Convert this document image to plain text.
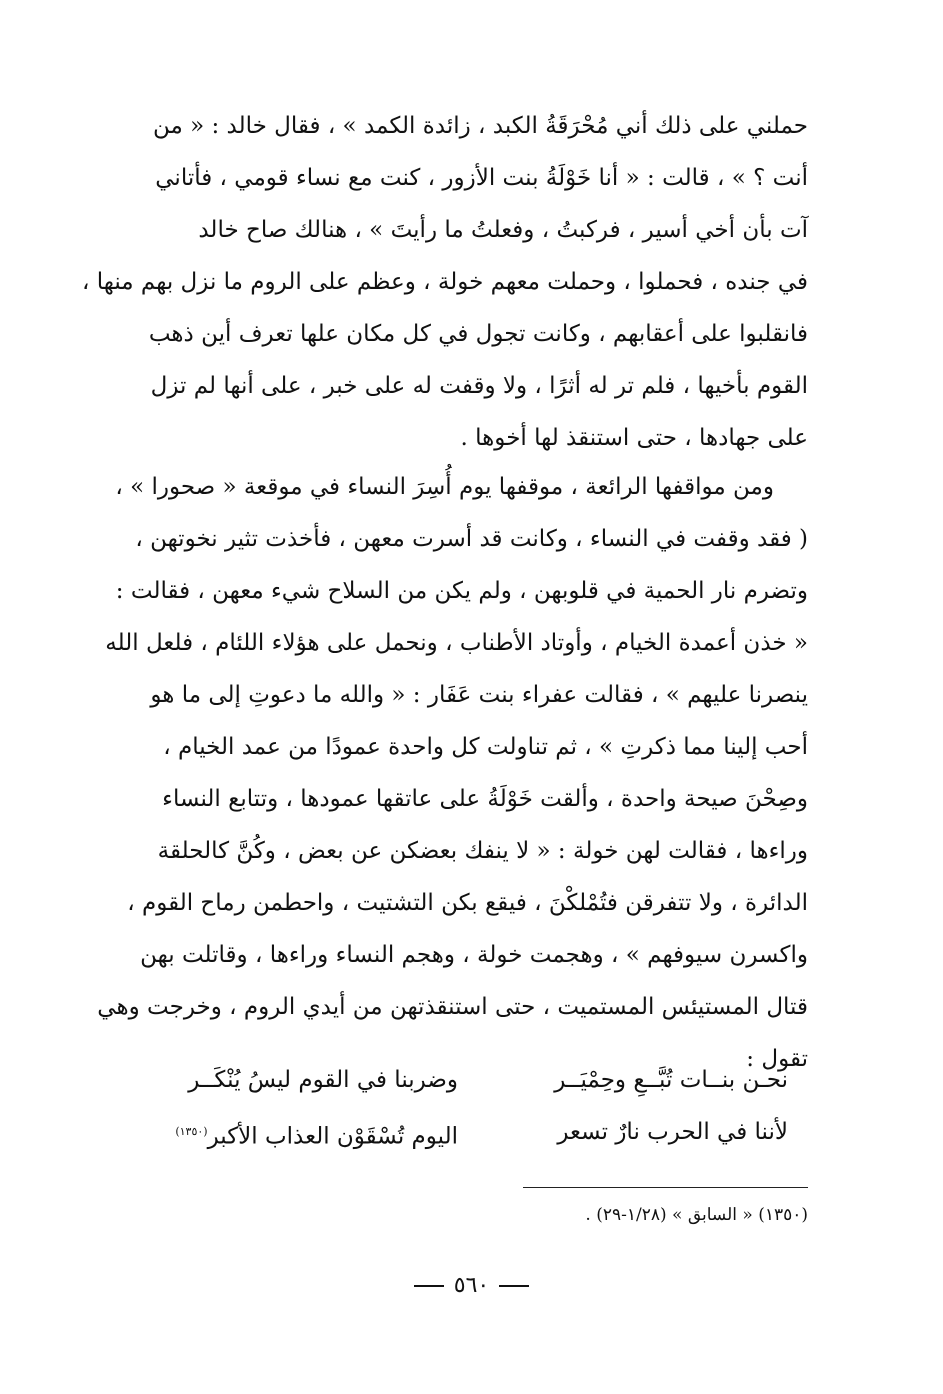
حملني على ذلك أني مُحْرَقَةُ الكبد ، زائدة الكمد » ، فقال خالد : « من
أنت ؟ » ، قالت : « أنا خَوْلَةُ بنت الأزور ، كنت مع نساء قومي ، فأتاني
آت بأن أخي أسير ، فركبتُ ، وفعلتُ ما رأيتَ » ، هنالك صاح خالد
في جنده ، فحملوا ، وحملت معهم خولة ، وعظم على الروم ما نزل بهم منها ،
فانقلبوا على أعقابهم ، وكانت تجول في كل مكان علها تعرف أين ذهب
القوم بأخيها ، فلم تر له أثرًا ، ولا وقفت له على خبر ، على أنها لم تزل
على جهادها ، حتى استنقذ لها أخوها .
ومن مواقفها الرائعة ، موقفها يوم أُسِرَ النساء في موقعة « صحورا » ،
( فقد وقفت في النساء ، وكانت قد أسرت معهن ، فأخذت تثير نخوتهن ،
وتضرم نار الحمية في قلوبهن ، ولم يكن من السلاح شيء معهن ، فقالت :
« خذن أعمدة الخيام ، وأوتاد الأطناب ، ونحمل على هؤلاء اللئام ، فلعل الله
ينصرنا عليهم » ، فقالت عفراء بنت عَفَار : « والله ما دعوتِ إلى ما هو
أحب إلينا مما ذكرتِ » ، ثم تناولت كل واحدة عمودًا من عمد الخيام ،
وصِحْنَ صيحة واحدة ، وألقت خَوْلَةُ على عاتقها عمودها ، وتتابع النساء
وراءها ، فقالت لهن خولة : « لا ينفك بعضكن عن بعض ، وكُنَّ كالحلقة
الدائرة ، ولا تتفرقن فتُمْلكْنَ ، فيقع بكن التشتيت ، واحطمن رماح القوم ،
واكسرن سيوفهم » ، وهجمت خولة ، وهجم النساء وراءها ، وقاتلت بهن
قتال المستيئس المستميت ، حتى استنقذتهن من أيدي الروم ، وخرجت وهي
تقول :
نحـن بنــات تُبَّــعِ وحِمْيَــر
وضربنا في القوم ليسُ يُنْكَــر
لأننا في الحرب نارٌ تسعر
اليوم تُسْقَوْن العذاب الأكبر$^{(١٣٥٠)}$
(١٣٥٠) « السابق » (١/٢٨-٢٩) .
٥٦٠
